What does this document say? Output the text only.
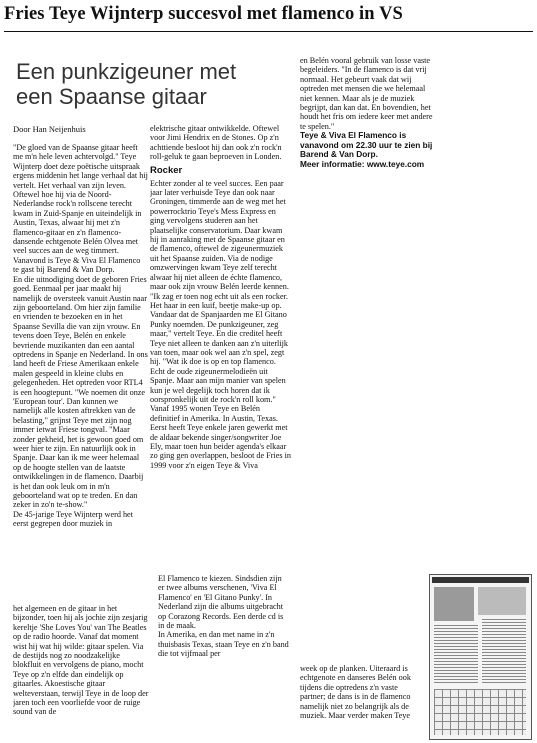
Fries Teye Wijnterp succesvol met flamenco in VS
Een punkzigeuner met
een Spaanse gitaar
Door Han Neijenhuis

"De gloed van de Spaanse gitaar heeft me m'n hele leven achtervolgd." Teye Wijnterp doet deze poëtische uitspraak ergens middenin het lange verhaal dat hij vertelt. Het verhaal van zijn leven. Oftewel hoe hij via de Noord-Nederlandse rock'n rollscene terecht kwam in Zuid-Spanje en uiteindelijk in Austin, Texas, alwaar hij met z'n flamenco-gitaar en z'n flamenco-dansende echtgenote Belén Olvea met veel succes aan de weg timmert. Vanavond is Teye & Viva El Flamenco te gast bij Barend & Van Dorp.

En die uitnodiging doet de geboren Fries goed. Eenmaal per jaar maakt hij namelijk de oversteek vanuit Austin naar zijn geboorteland. Om hier zijn familie en vrienden te bezoeken en in het Spaanse Sevilla die van zijn vrouw. En tevens doen Teye, Belén en enkele bevriende muzikanten dan een aantal optredens in Spanje en Nederland. In ons land heeft de Friese Amerikaan enkele malen gespeeld in kleine clubs en gelegenheden. Het optreden voor RTL4 is een hoogtepunt. "We noemen dit onze 'European tour'. Dan kunnen we namelijk alle kosten aftrekken van de belasting," grijnst Teye met zijn nog immer ietwat Friese tongval. "Maar zonder gekheid, het is gewoon goed om weer hier te zijn. En natuurlijk ook in Spanje. Daar kan ik me weer helemaal op de hoogte stellen van de laatste ontwikkelingen in de flamenco. Daarbij is het dan ook leuk om in m'n geboorteland wat op te treden. En dan zeker in zo'n te-show."

De 45-jarige Teye Wijnterp werd het eerst gegrepen door muziek in

het algemeen en de gitaar in het bijzonder, toen hij als jochie zijn zesjarig kereltje 'She Loves You' van The Beatles op de radio hoorde. Vanaf dat moment wist hij wat hij wilde: gitaar spelen. Via de destijds nog zo noodzakelijke blokfluit en vervolgens de piano, mocht Teye op z'n elfde dan eindelijk op gitaarles. Akoestische gitaar welteverstaan, terwijl Teye in de loop der jaren toch een voorliefde voor de ruige sound van de

elektrische gitaar ontwikkelde. Oftewel voor Jimi Hendrix en de Stones. Op z'n achttiende besloot hij dan ook z'n rock'n roll-geluk te gaan beproeven in Londen.

Rocker

Echter zonder al te veel succes. Een paar jaar later verhuisde Teye dan ook naar Groningen, timmerde aan de weg met het powerrocktrio Teye's Mess Express en ging vervolgens studeren aan het plaatselijke conservatorium. Daar kwam hij in aanraking met de Spaanse gitaar en de flamenco, oftewel de zigeunermuziek uit het Spaanse zuiden. Via de nodige omzwervingen kwam Teye zelf terecht alwaar hij niet alleen de échte flamenco, maar ook zijn vrouw Belén leerde kennen.

"Ik zag er toen nog echt uit als een rocker. Het haar in een kuif, beetje make-up op. Vandaar dat de Spanjaarden me El Gitano Punky noemden. De punkzigeuner, zeg maar," vertelt Teye. En die creditel heeft Teye niet alleen te danken aan z'n uiterlijk van toen, maar ook wel aan z'n spel, zegt hij. "Wat ik doe is op en top flamenco. Echt de oude zigeunermelodieën uit Spanje. Maar aan mijn manier van spelen kun je wel degelijk toch horen dat ik oorspronkelijk uit de rock'n roll kom." Vanaf 1995 wonen Teye en Belén definitief in Amerika. In Austin, Texas. Eerst heeft Teye enkele jaren gewerkt met de aldaar bekende singer/songwriter Joe Ely, maar toen hun beider agenda's elkaar zo ging gen overlappen, besloot de Fries in 1999 voor z'n eigen Teye & Viva

El Flamenco te kiezen. Sindsdien zijn er twee albums verschenen, 'Viva El Flamenco' en 'El Gitano Punky'. In Nederland zijn die albums uitgebracht op Corazong Records. Een derde cd is in de maak.

In Amerika, en dan met name in z'n thuisbasis Texas, staan Teye en z'n band die tot vijfmaal per

en Belén vooral gebruik van losse vaste begeleiders. "In de flamenco is dat vrij normaal. Het gebeurt vaak dat wij optreden met mensen die we helemaal niet kennen. Maar als je de muziek begrijpt, dan kan dat. En bovendien, het houdt het fris om iedere keer met andere te spelen."

Teye & Viva El Flamenco is vanavond om 22.30 uur te zien bij Barend & Van Dorp.

Meer informatie: www.teye.com

week op de planken. Uiteraard is echtgenote en danseres Belén ook tijdens die optredens z'n vaste partner; de dans is in de flamenco namelijk niet zo belangrijk als de muziek. Maar verder maken Teye
